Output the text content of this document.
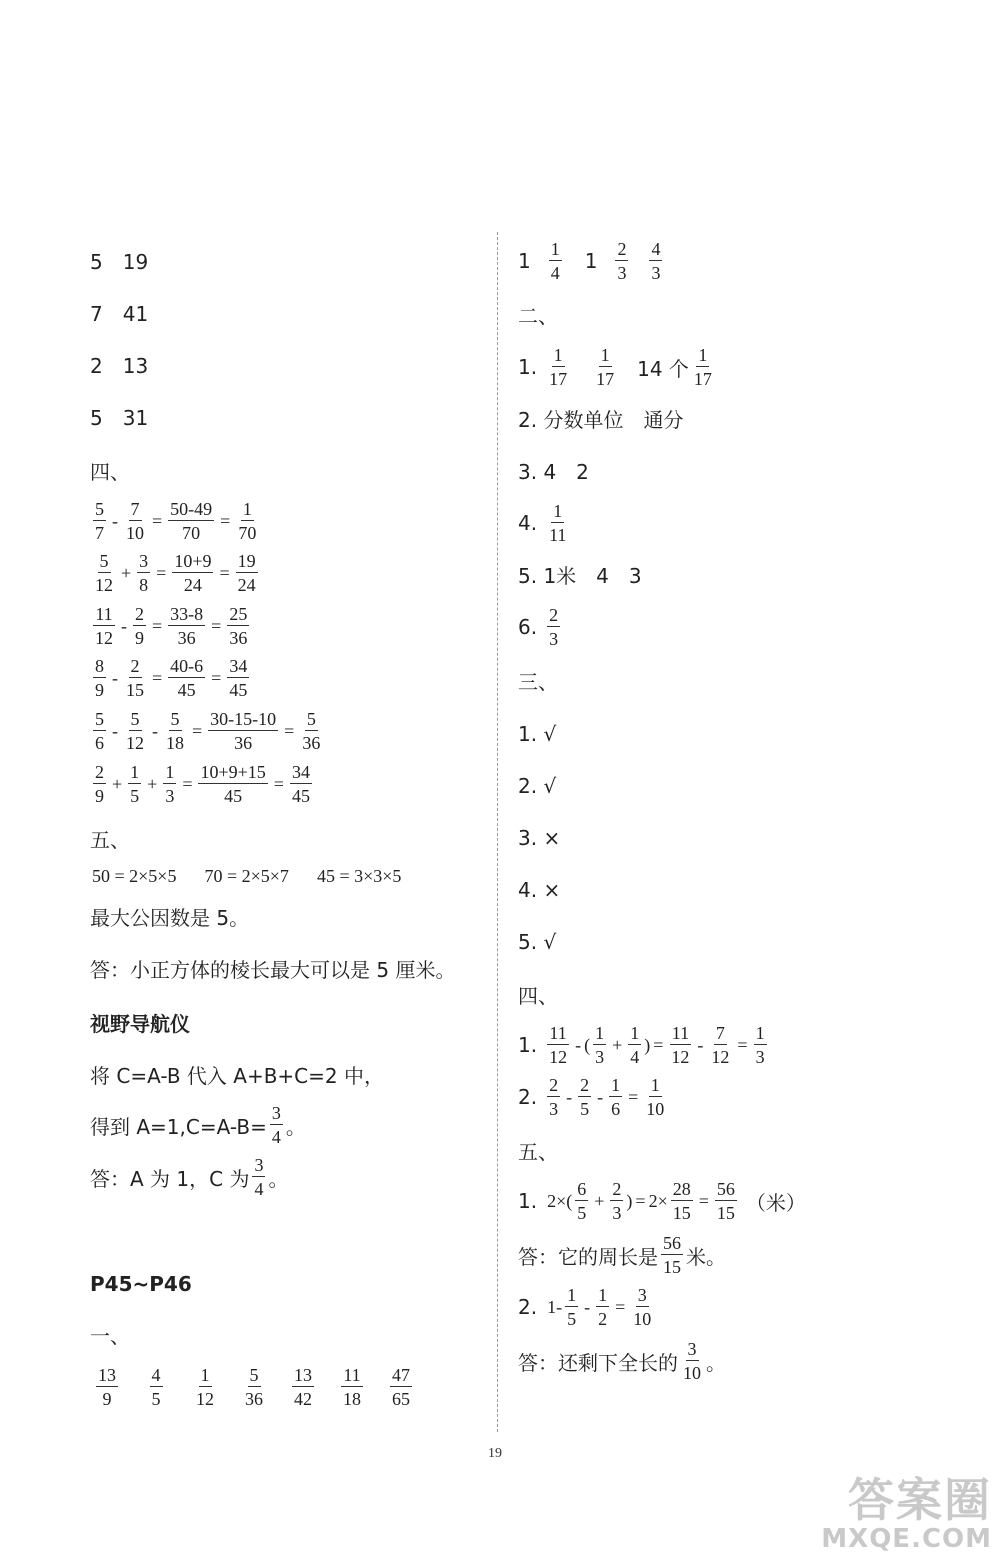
5　19
7　41
2　13
5　31
四、
5
7
- $\frac{7}{10} = \frac{50-49}{70} = \frac{1}{70}$
5
12
+ $\frac{3}{8} = \frac{10+9}{24} = \frac{19}{24}$
11
12
- $\frac{2}{9} = \frac{33-8}{36} = \frac{25}{36}$
8
9
- $\frac{2}{15} = \frac{40-6}{45} = \frac{34}{45}$
5
6
-
5
12
- $\frac{5}{18} = \frac{30-15-10}{36} = \frac{5}{36}$
2
9
+ $\frac{1}{5} + \frac{1}{3} = \frac{10+9+15}{45} = \frac{34}{45}$
五、
50 = 2×5×5 70 = 2×5×7 45 = 3×3×5
最大公因数是 5。
答：小正方体的棱长最大可以是 5 厘米。
视野导航仪
将 C=A-B 代入 A+B+C=2 中，
得到 $A=1,C=A-B= \frac{3}{4}$ 。
答：A 为 1，C 为
3
4 。
P45~P46
一、
13
9
4
5
1
12
5
36
13
42
11
18
47
65
1 1
4 1 2
3
4
3
二、
1. 1
17
1
17 14 个
1
17
2. 分数单位　通分
3. 4　2
4. 1
11
5. 1米　4　3
6. 2
3
三、
1. √
2. √
3. ×
4. ×
5. √
四、
1. 11
12
- (
1
3
+ $\frac{1}{4}$ ) = $\frac{11}{12} - \frac{7}{12} = \frac{1}{3}$
2. 2
3
-
2
5
- $\frac{1}{6} = \frac{1}{10}$
五、
1. 2×(
6
5
+ $\frac{2}{3}$ ) = $2\times \frac{28}{15} = \frac{56}{15}$ （米）
答：它的周长是
56
15 米。
2. 1-
1
5
- $\frac{1}{2} = \frac{3}{10}$
答：还剩下全长的
3
10 。
19
答案圈
MXQE.COM
